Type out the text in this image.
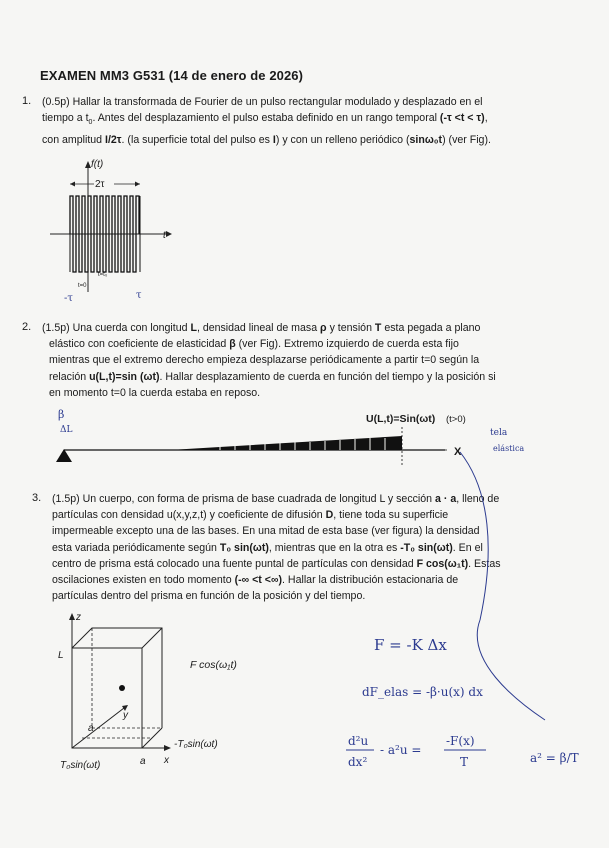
EXAMEN MM3 G531 (14 de enero de 2026)
1. (0.5p) Hallar la transformada de Fourier de un pulso rectangular modulado y desplazado en el
tiempo a $t_0$. Antes del desplazamiento el pulso estaba definido en un rango temporal (-τ <t < τ),
con amplitud I/2τ. (la superficie total del pulso es I) y con un relleno periódico (sinω₀t) (ver Fig).
f(t)
t
2τ
t=0
t=t₀
-τ	τ
2. (1.5p) Una cuerda con longitud L, densidad lineal de masa ρ y tensión T esta pegada a plano
elástico con coeficiente de elasticidad β (ver Fig). Extremo izquierdo de cuerda esta fijo
mientras que el extremo derecho empieza desplazarse periódicamente a partir t=0 según la
relación u(L,t)=sin (ωt). Hallar desplazamiento de cuerda en función del tiempo y la posición si
en momento t=0 la cuerda estaba en reposo.
U(L,t)=Sin(ωt) (t>0)
X
tela
elástica
β
ΔL
3. (1.5p) Un cuerpo, con forma de prisma de base cuadrada de longitud L y sección a · a, lleno de
partículas con densidad u(x,y,z,t) y coeficiente de difusión D, tiene toda su superficie
impermeable excepto una de las bases. En una mitad de esta base (ver figura) la densidad
esta variada periódicamente según T₀ sin(ωt), mientras que en la otra es -T₀ sin(ωt). En el
centro de prisma está colocado una fuente puntal de partículas con densidad F cos(ω₁t). Estas
oscilaciones existen en todo momento (-∞ <t <∞). Hallar la distribución estacionaria de
partículas dentro del prisma en función de la posición y del tiempo.
z
L
y
x
a
a
F cos(ω₁t)
-T₀sin(ωt)
T₀sin(ωt)
F = -K Δx
dF_elas = -β·u(x) dx
d²u
dx²
- a²u =
-F(x)
T	a² = β/T
